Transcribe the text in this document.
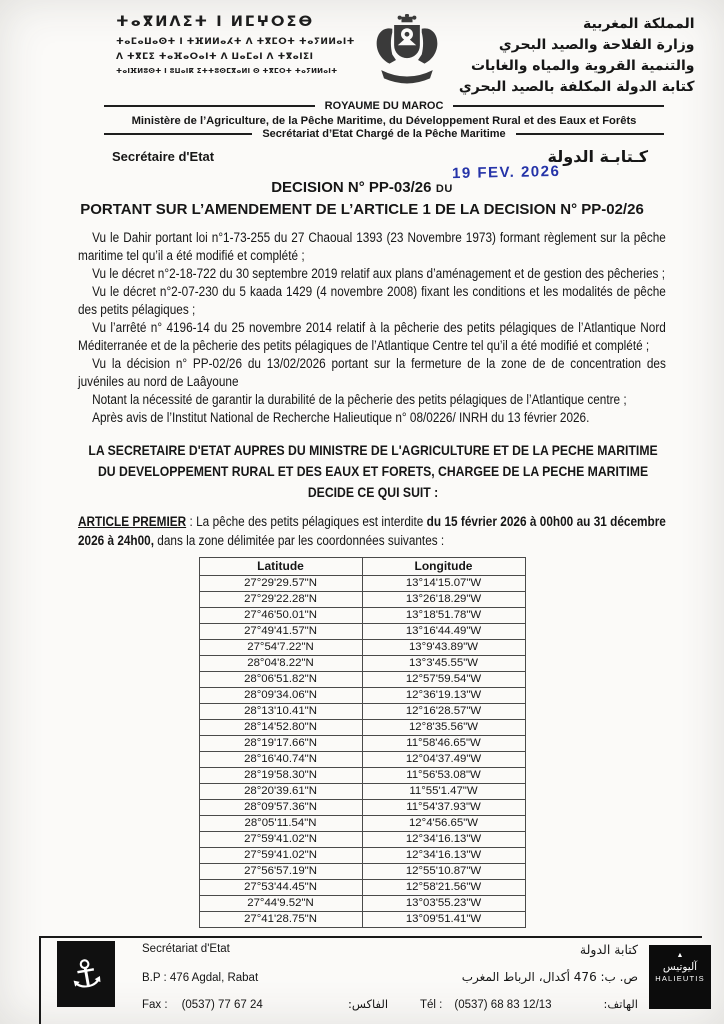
ⵜⴰⴳⵍⴷⵉⵜ ⵏ ⵍⵎⵖⵔⵉⴱ
ⵜⴰⵎⴰⵡⴰⵙⵜ ⵏ ⵜⴼⵍⵍⴰⵃⵜ ⴷ ⵜⴳⵎⵔⵜ ⵜⴰⵢⵍⵍⴰⵏⵜ
ⴷ ⵜⴳⵎⵉ ⵜⴰⴼⴰⵔⴰⵏⵜ ⴷ ⵡⴰⵎⴰⵏ ⴷ ⵜⴳⴰⵏⵉⵏ
ⵜⴰⵏⴼⵍⵓⵙⵜ ⵏ ⵓⵡⴰⵏⴽ ⵉⵜⵜⵓⵙⵎⴳⴰⵍⵏ ⵙ ⵜⴳⵎⵔⵜ ⵜⴰⵢⵍⵍⴰⵏⵜ
المملكة المغربية
وزارة الفلاحة والصيد البحري
والتنمية القروية والمياه والغابات
كتابة الدولة المكلفة بالصيد البحري
ROYAUME DU MAROC
Ministère de l’Agriculture, de la Pêche Maritime, du Développement Rural et des Eaux et Forêts
Secrétariat d’Etat Chargé de la Pêche Maritime
Secrétaire d'Etat	كـتابـة الدولة
19 FEV. 2026
DECISION N° PP-03/26 DU
PORTANT SUR L’AMENDEMENT DE L’ARTICLE 1 DE LA DECISION N° PP-02/26

Vu le Dahir portant loi n°1-73-255 du 27 Chaoual 1393 (23 Novembre 1973) formant règlement sur la pêche maritime tel qu’il a été modifié et complété ;

Vu le décret n°2-18-722 du 30 septembre 2019 relatif aux plans d’aménagement et de gestion des pêcheries ;

Vu le décret n°2-07-230 du 5 kaada 1429 (4 novembre 2008) fixant les conditions et les modalités de pêche des petits pélagiques ;

Vu l’arrêté n° 4196-14 du 25 novembre 2014 relatif à la pêcherie des petits pélagiques de l’Atlantique Nord Méditerranée et de la pêcherie des petits pélagiques de l’Atlantique Centre tel qu’il a été modifié et complété ;

Vu la décision n° PP-02/26 du 13/02/2026 portant sur la fermeture de la zone de de concentration des juvéniles au nord de Laâyoune

Notant la nécessité de garantir la durabilité de la pêcherie des petits pélagiques de l’Atlantique centre ;

Après avis de l’Institut National de Recherche Halieutique n° 08/0226/ INRH du 13 février 2026.

LA SECRETAIRE D'ETAT AUPRES DU MINISTRE DE L'AGRICULTURE ET DE LA PECHE MARITIME DU DEVELOPPEMENT RURAL ET DES EAUX ET FORETS, CHARGEE DE LA PECHE MARITIME DECIDE CE QUI SUIT :

ARTICLE PREMIER : La pêche des petits pélagiques est interdite du 15 février 2026 à 00h00 au 31 décembre 2026 à 24h00, dans la zone délimitée par les coordonnées suivantes :

Latitude	Longitude
27°29'29.57"N	13°14'15.07"W
27°29'22.28"N	13°26'18.29"W
27°46'50.01"N	13°18'51.78"W
27°49'41.57"N	13°16'44.49"W
27°54'7.22"N	13°9'43.89"W
28°04'8.22"N	13°3'45.55"W
28°06'51.82"N	12°57'59.54"W
28°09'34.06"N	12°36'19.13"W
28°13'10.41"N	12°16'28.57"W
28°14'52.80"N	12°8'35.56"W
28°19'17.66"N	11°58'46.65"W
28°16'40.74"N	12°04'37.49"W
28°19'58.30"N	11°56'53.08"W
28°20'39.61"N	11°55'1.47"W
28°09'57.36"N	11°54'37.93"W
28°05'11.54"N	12°4'56.65"W
27°59'41.02"N	12°34'16.13"W
27°59'41.02"N	12°34'16.13"W
27°56'57.19"N	12°55'10.87"W
27°53'44.45"N	12°58'21.56"W
27°44'9.52"N	13°03'55.23"W
27°41'28.75"N	13°09'51.41"W
⚓
Secrétariat d'Etat
B.P : 476 Agdal, Rabat
Fax : (0537) 77 67 24	الفاكس:
كتابة الدولة
ص. ب: 476 أكدال، الرباط المغرب
Tél : (0537) 68 83 12/13	الهاتف:
▲
آليوتيس
HALIEUTIS
